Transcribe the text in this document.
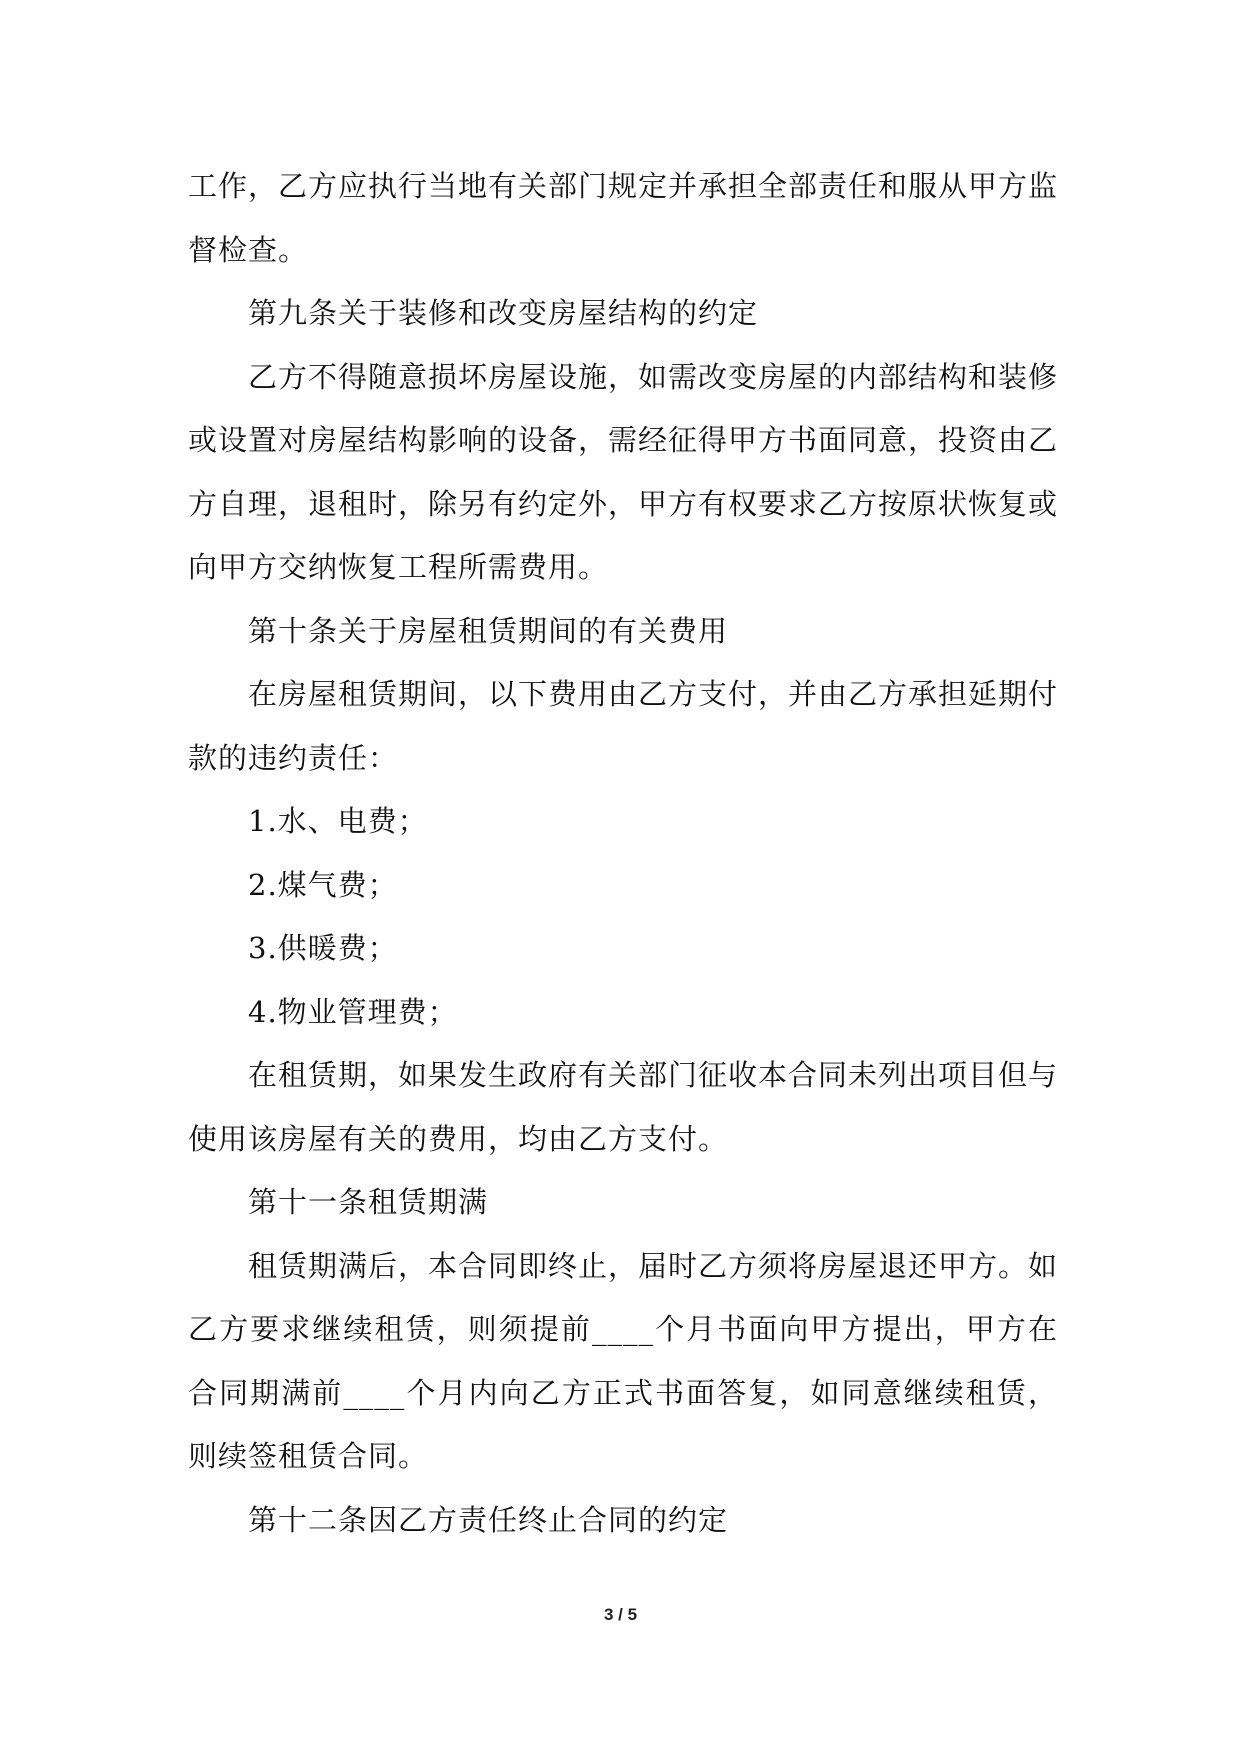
工作，乙方应执行当地有关部门规定并承担全部责任和服从甲方监督检查。

第九条关于装修和改变房屋结构的约定

乙方不得随意损坏房屋设施，如需改变房屋的内部结构和装修或设置对房屋结构影响的设备，需经征得甲方书面同意，投资由乙方自理，退租时，除另有约定外，甲方有权要求乙方按原状恢复或向甲方交纳恢复工程所需费用。

第十条关于房屋租赁期间的有关费用

在房屋租赁期间，以下费用由乙方支付，并由乙方承担延期付款的违约责任：

1.水、电费；

2.煤气费；

3.供暖费；

4.物业管理费；

在租赁期，如果发生政府有关部门征收本合同未列出项目但与使用该房屋有关的费用，均由乙方支付。

第十一条租赁期满

租赁期满后，本合同即终止，届时乙方须将房屋退还甲方。如乙方要求继续租赁，则须提前____个月书面向甲方提出，甲方在合同期满前____个月内向乙方正式书面答复，如同意继续租赁，则续签租赁合同。

第十二条因乙方责任终止合同的约定

3 / 5
